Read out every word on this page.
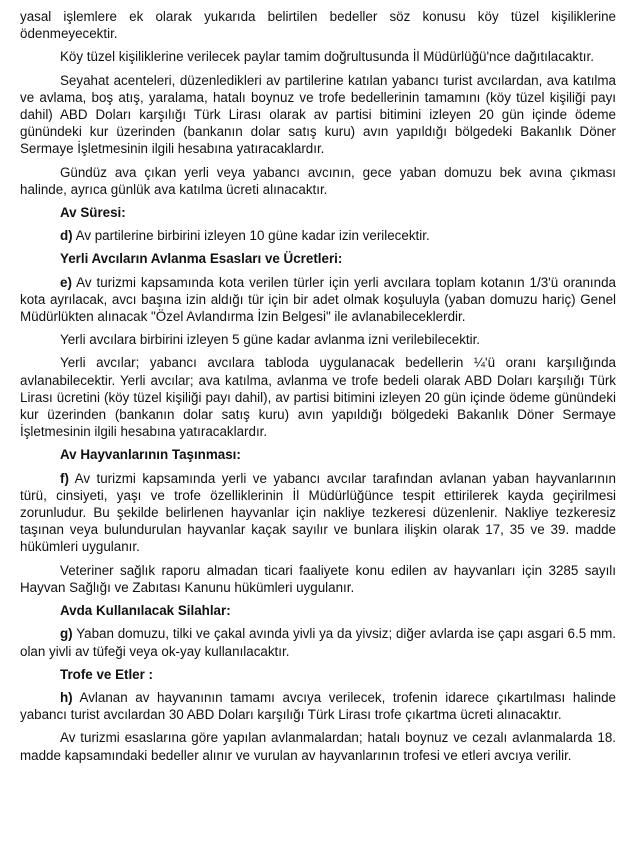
yasal işlemlere ek olarak yukarıda belirtilen bedeller söz konusu köy tüzel kişiliklerine ödenmeyecektir.

Köy tüzel kişiliklerine verilecek paylar tamim doğrultusunda İl Müdürlüğü'nce dağıtılacaktır.

Seyahat acenteleri, düzenledikleri av partilerine katılan yabancı turist avcılardan, ava katılma ve avlama, boş atış, yaralama, hatalı boynuz ve trofe bedellerinin tamamını (köy tüzel kişiliği payı dahil) ABD Doları karşılığı Türk Lirası olarak av partisi bitimini izleyen 20 gün içinde ödeme günündeki kur üzerinden (bankanın dolar satış kuru) avın yapıldığı bölgedeki Bakanlık Döner Sermaye İşletmesinin ilgili hesabına yatıracaklardır.

Gündüz ava çıkan yerli veya yabancı avcının, gece yaban domuzu bek avına çıkması halinde, ayrıca günlük ava katılma ücreti alınacaktır.

Av Süresi:

d) Av partilerine birbirini izleyen 10 güne kadar izin verilecektir.

Yerli Avcıların Avlanma Esasları ve Ücretleri:

e) Av turizmi kapsamında kota verilen türler için yerli avcılara toplam kotanın 1/3'ü oranında kota ayrılacak, avcı başına izin aldığı tür için bir adet olmak koşuluyla (yaban domuzu hariç) Genel Müdürlükten alınacak "Özel Avlandırma İzin Belgesi" ile avlanabileceklerdir.

Yerli avcılara birbirini izleyen 5 güne kadar avlanma izni verilebilecektir.

Yerli avcılar; yabancı avcılara tabloda uygulanacak bedellerin ¼'ü oranı karşılığında avlanabilecektir. Yerli avcılar; ava katılma, avlanma ve trofe bedeli olarak ABD Doları karşılığı Türk Lirası ücretini (köy tüzel kişiliği payı dahil), av partisi bitimini izleyen 20 gün içinde ödeme günündeki kur üzerinden (bankanın dolar satış kuru) avın yapıldığı bölgedeki Bakanlık Döner Sermaye İşletmesinin ilgili hesabına yatıracaklardır.

Av Hayvanlarının Taşınması:

f) Av turizmi kapsamında yerli ve yabancı avcılar tarafından avlanan yaban hayvanlarının türü, cinsiyeti, yaşı ve trofe özelliklerinin İl Müdürlüğünce tespit ettirilerek kayda geçirilmesi zorunludur. Bu şekilde belirlenen hayvanlar için nakliye tezkeresi düzenlenir. Nakliye tezkeresiz taşınan veya bulundurulan hayvanlar kaçak sayılır ve bunlara ilişkin olarak 17, 35 ve 39. madde hükümleri uygulanır.

Veteriner sağlık raporu almadan ticari faaliyete konu edilen av hayvanları için 3285 sayılı Hayvan Sağlığı ve Zabıtası Kanunu hükümleri uygulanır.

Avda Kullanılacak Silahlar:

g) Yaban domuzu, tilki ve çakal avında yivli ya da yivsiz; diğer avlarda ise çapı asgari 6.5 mm. olan yivli av tüfeği veya ok-yay kullanılacaktır.

Trofe ve Etler :

h) Avlanan av hayvanının tamamı avcıya verilecek, trofenin idarece çıkartılması halinde yabancı turist avcılardan 30 ABD Doları karşılığı Türk Lirası trofe çıkartma ücreti alınacaktır.

Av turizmi esaslarına göre yapılan avlanmalardan; hatalı boynuz ve cezalı avlanmalarda 18. madde kapsamındaki bedeller alınır ve vurulan av hayvanlarının trofesi ve etleri avcıya verilir.
